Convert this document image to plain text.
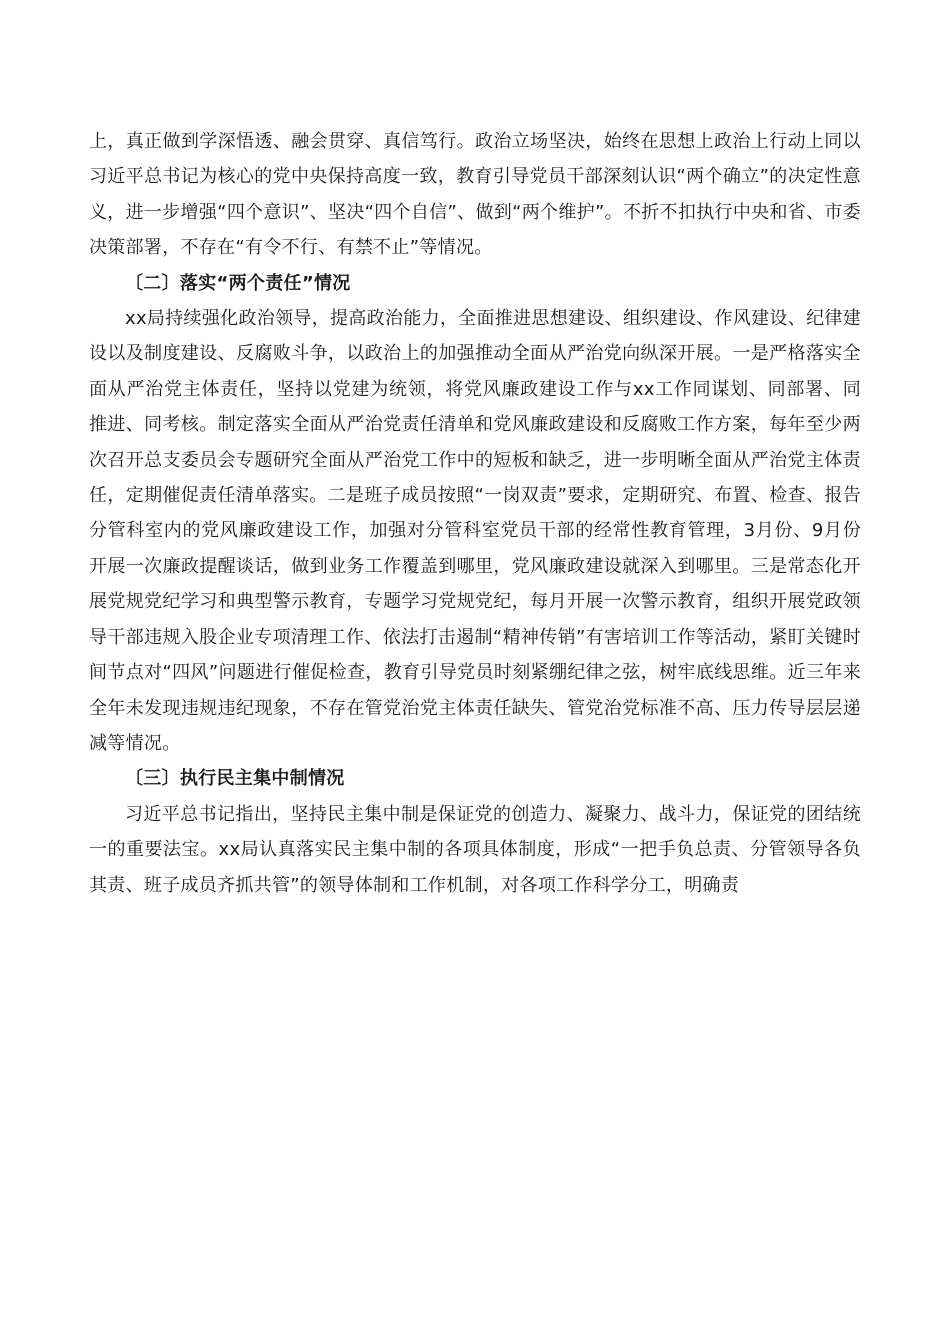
上，真正做到学深悟透、融会贯穿、真信笃行。政治立场坚决，始终在思想上政治上行动上同以习近平总书记为核心的党中央保持高度一致，教育引导党员干部深刻认识“两个确立”的决定性意义，进一步增强“四个意识”、坚决“四个自信”、做到“两个维护”。不折不扣执行中央和省、市委决策部署，不存在“有令不行、有禁不止”等情况。

〔二〕落实“两个责任”情况

xx局持续强化政治领导，提高政治能力，全面推进思想建设、组织建设、作风建设、纪律建设以及制度建设、反腐败斗争，以政治上的加强推动全面从严治党向纵深开展。一是严格落实全面从严治党主体责任，坚持以党建为统领，将党风廉政建设工作与xx工作同谋划、同部署、同推进、同考核。制定落实全面从严治党责任清单和党风廉政建设和反腐败工作方案，每年至少两次召开总支委员会专题研究全面从严治党工作中的短板和缺乏，进一步明晰全面从严治党主体责任，定期催促责任清单落实。二是班子成员按照“一岗双责”要求，定期研究、布置、检查、报告分管科室内的党风廉政建设工作，加强对分管科室党员干部的经常性教育管理，3月份、9月份开展一次廉政提醒谈话，做到业务工作覆盖到哪里，党风廉政建设就深入到哪里。三是常态化开展党规党纪学习和典型警示教育，专题学习党规党纪，每月开展一次警示教育，组织开展党政领导干部违规入股企业专项清理工作、依法打击遏制“精神传销”有害培训工作等活动，紧盯关键时间节点对“四风”问题进行催促检查，教育引导党员时刻紧绷纪律之弦，树牢底线思维。近三年来全年未发现违规违纪现象，不存在管党治党主体责任缺失、管党治党标准不高、压力传导层层递减等情况。

〔三〕执行民主集中制情况

习近平总书记指出，坚持民主集中制是保证党的创造力、凝聚力、战斗力，保证党的团结统一的重要法宝。xx局认真落实民主集中制的各项具体制度，形成“一把手负总责、分管领导各负其责、班子成员齐抓共管”的领导体制和工作机制，对各项工作科学分工，明确责
